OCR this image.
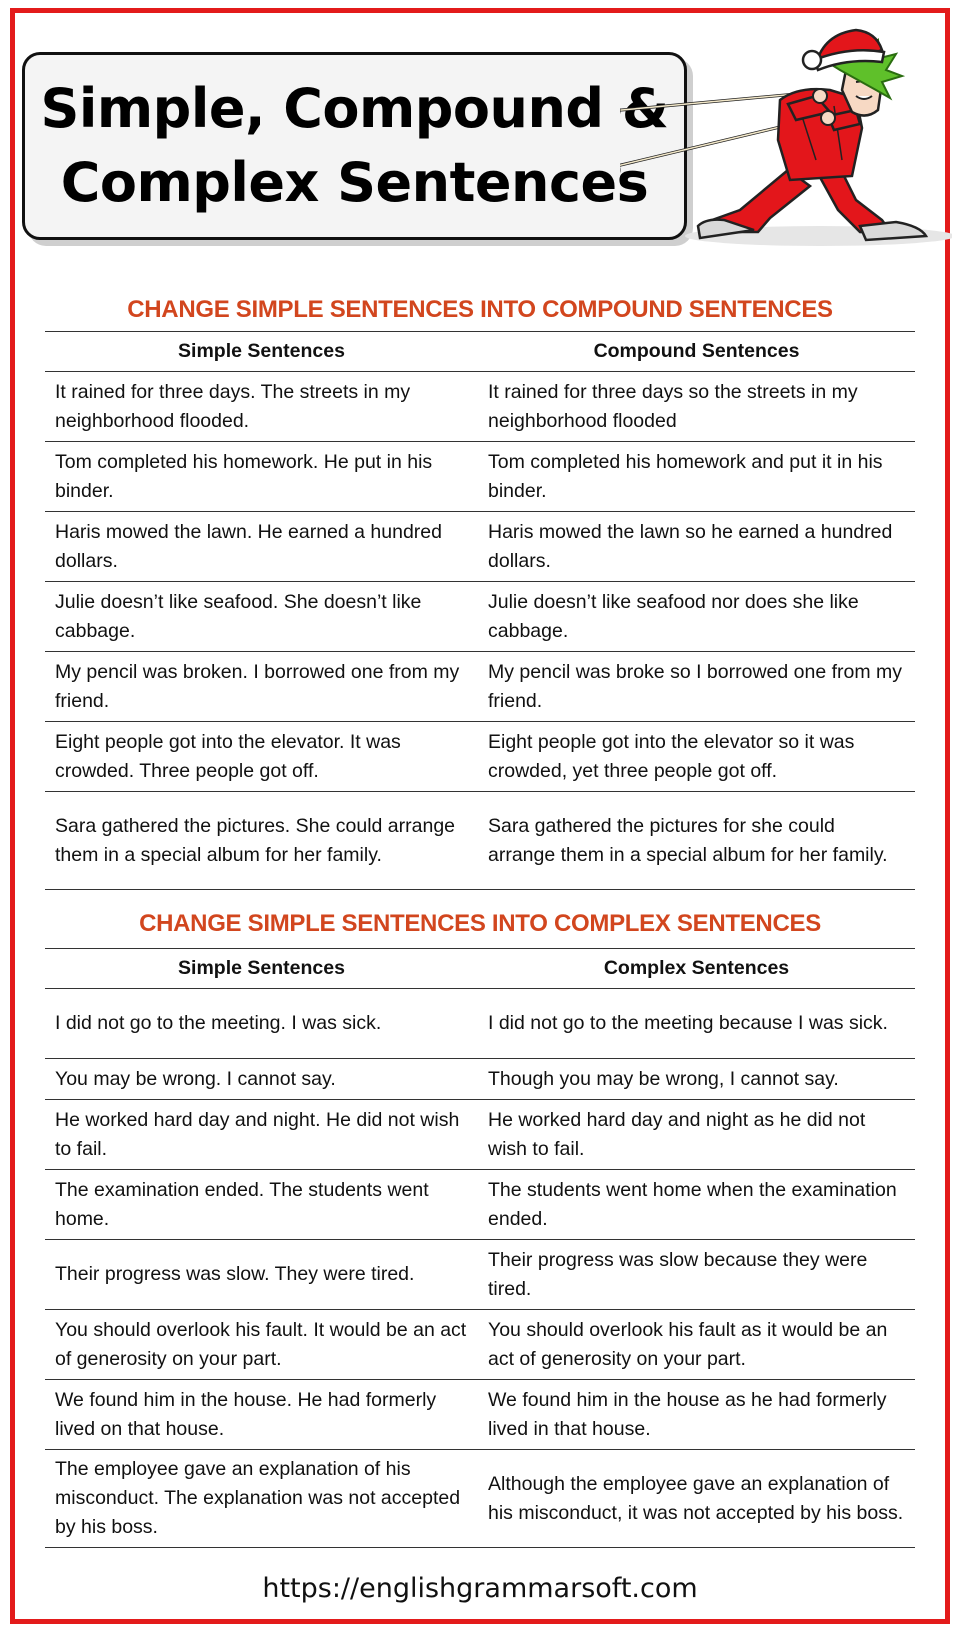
Simple, Compound &
Complex Sentences
CHANGE SIMPLE SENTENCES INTO COMPOUND SENTENCES
Simple Sentences	Compound Sentences
It rained for three days. The streets in my neighborhood flooded.	It rained for three days so the streets in my neighborhood flooded
Tom completed his homework. He put in his binder.	Tom completed his homework and put it in his binder.
Haris mowed the lawn. He earned a hundred dollars.	Haris mowed the lawn so he earned a hundred dollars.
Julie doesn’t like seafood. She doesn’t like cabbage.	Julie doesn’t like seafood nor does she like cabbage.
My pencil was broken. I borrowed one from my friend.	My pencil was broke so I borrowed one from my friend.
Eight people got into the elevator. It was crowded. Three people got off.	Eight people got into the elevator so it was crowded, yet three people got off.
Sara gathered the pictures. She could arrange them in a special album for her family.	Sara gathered the pictures for she could arrange them in a special album for her family.
CHANGE SIMPLE SENTENCES INTO COMPLEX SENTENCES
Simple Sentences	Complex Sentences
I did not go to the meeting. I was sick.	I did not go to the meeting because I was sick.
You may be wrong. I cannot say.	Though you may be wrong, I cannot say.
He worked hard day and night. He did not wish to fail.	He worked hard day and night as he did not wish to fail.
The examination ended. The students went home.	The students went home when the examination ended.
Their progress was slow. They were tired.	Their progress was slow because they were tired.
You should overlook his fault. It would be an act of generosity on your part.	You should overlook his fault as it would be an act of generosity on your part.
We found him in the house. He had formerly lived on that house.	We found him in the house as he had formerly lived in that house.
The employee gave an explanation of his misconduct. The explanation was not accepted by his boss.	Although the employee gave an explanation of his misconduct, it was not accepted by his boss.
https://englishgrammarsoft.com
